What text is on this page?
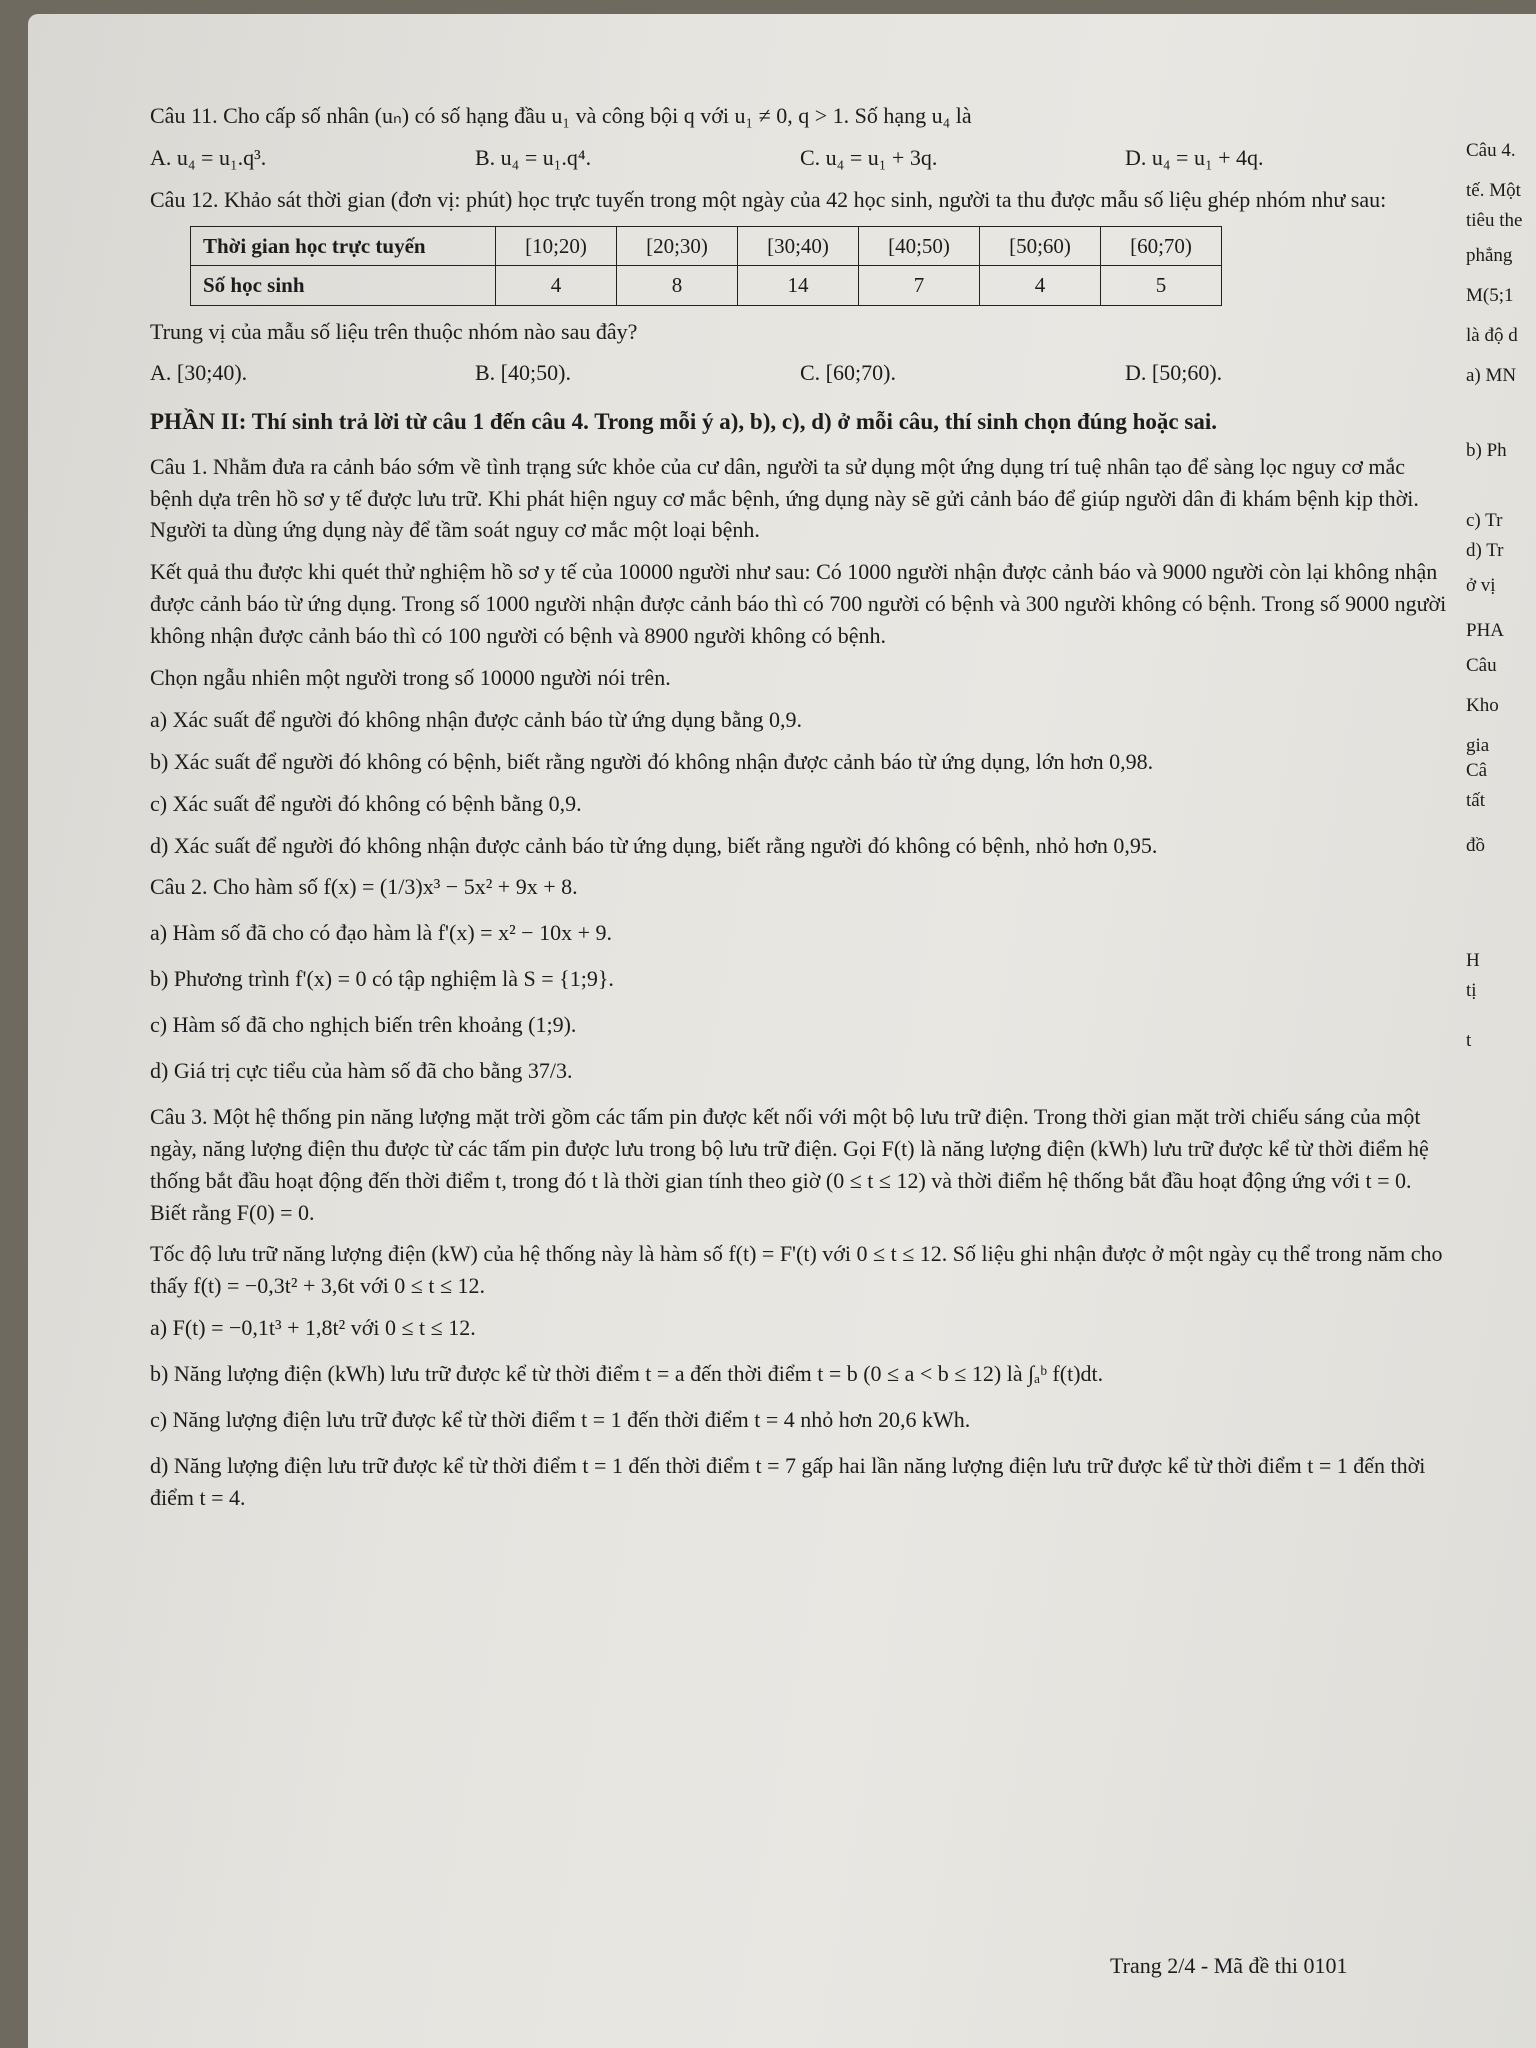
Câu 11. Cho cấp số nhân (uₙ) có số hạng đầu u₁ và công bội q với u₁ ≠ 0, q > 1. Số hạng u₄ là

A. u₄ = u₁.q³.	B. u₄ = u₁.q⁴.	C. u₄ = u₁ + 3q.	D. u₄ = u₁ + 4q.

Câu 12. Khảo sát thời gian (đơn vị: phút) học trực tuyến trong một ngày của 42 học sinh, người ta thu được mẫu số liệu ghép nhóm như sau:

Thời gian học trực tuyến	[10;20)	[20;30)	[30;40)	[40;50)	[50;60)	[60;70)
Số học sinh	4	8	14	7	4	5

Trung vị của mẫu số liệu trên thuộc nhóm nào sau đây?

A. [30;40).	B. [40;50).	C. [60;70).	D. [50;60).
PHẦN II: Thí sinh trả lời từ câu 1 đến câu 4. Trong mỗi ý a), b), c), d) ở mỗi câu, thí sinh chọn đúng hoặc sai.

Câu 1. Nhằm đưa ra cảnh báo sớm về tình trạng sức khỏe của cư dân, người ta sử dụng một ứng dụng trí tuệ nhân tạo để sàng lọc nguy cơ mắc bệnh dựa trên hồ sơ y tế được lưu trữ. Khi phát hiện nguy cơ mắc bệnh, ứng dụng này sẽ gửi cảnh báo để giúp người dân đi khám bệnh kịp thời. Người ta dùng ứng dụng này để tầm soát nguy cơ mắc một loại bệnh.

Kết quả thu được khi quét thử nghiệm hồ sơ y tế của 10000 người như sau: Có 1000 người nhận được cảnh báo và 9000 người còn lại không nhận được cảnh báo từ ứng dụng. Trong số 1000 người nhận được cảnh báo thì có 700 người có bệnh và 300 người không có bệnh. Trong số 9000 người không nhận được cảnh báo thì có 100 người có bệnh và 8900 người không có bệnh.

Chọn ngẫu nhiên một người trong số 10000 người nói trên.

a) Xác suất để người đó không nhận được cảnh báo từ ứng dụng bằng 0,9.

b) Xác suất để người đó không có bệnh, biết rằng người đó không nhận được cảnh báo từ ứng dụng, lớn hơn 0,98.

c) Xác suất để người đó không có bệnh bằng 0,9.

d) Xác suất để người đó không nhận được cảnh báo từ ứng dụng, biết rằng người đó không có bệnh, nhỏ hơn 0,95.

Câu 2. Cho hàm số f(x) = (1/3)x³ − 5x² + 9x + 8.

a) Hàm số đã cho có đạo hàm là f'(x) = x² − 10x + 9.

b) Phương trình f'(x) = 0 có tập nghiệm là S = {1;9}.

c) Hàm số đã cho nghịch biến trên khoảng (1;9).

d) Giá trị cực tiểu của hàm số đã cho bằng 37/3.

Câu 3. Một hệ thống pin năng lượng mặt trời gồm các tấm pin được kết nối với một bộ lưu trữ điện. Trong thời gian mặt trời chiếu sáng của một ngày, năng lượng điện thu được từ các tấm pin được lưu trong bộ lưu trữ điện. Gọi F(t) là năng lượng điện (kWh) lưu trữ được kể từ thời điểm hệ thống bắt đầu hoạt động đến thời điểm t, trong đó t là thời gian tính theo giờ (0 ≤ t ≤ 12) và thời điểm hệ thống bắt đầu hoạt động ứng với t = 0. Biết rằng F(0) = 0.

Tốc độ lưu trữ năng lượng điện (kW) của hệ thống này là hàm số f(t) = F'(t) với 0 ≤ t ≤ 12. Số liệu ghi nhận được ở một ngày cụ thể trong năm cho thấy f(t) = −0,3t² + 3,6t với 0 ≤ t ≤ 12.

a) F(t) = −0,1t³ + 1,8t² với 0 ≤ t ≤ 12.

b) Năng lượng điện (kWh) lưu trữ được kể từ thời điểm t = a đến thời điểm t = b (0 ≤ a < b ≤ 12) là ∫ₐᵇ f(t)dt.

c) Năng lượng điện lưu trữ được kể từ thời điểm t = 1 đến thời điểm t = 4 nhỏ hơn 20,6 kWh.

d) Năng lượng điện lưu trữ được kể từ thời điểm t = 1 đến thời điểm t = 7 gấp hai lần năng lượng điện lưu trữ được kể từ thời điểm t = 1 đến thời điểm t = 4.

Trang 2/4 - Mã đề thi 0101
Câu 4.
tế. Một
tiêu the
phẳng
M(5;1
là độ d
a) MN
b) Ph
c) Tr
d) Tr
ở vị
PHA
Câu
Kho
gia
Câ
tất
đồ
H
tị
t
